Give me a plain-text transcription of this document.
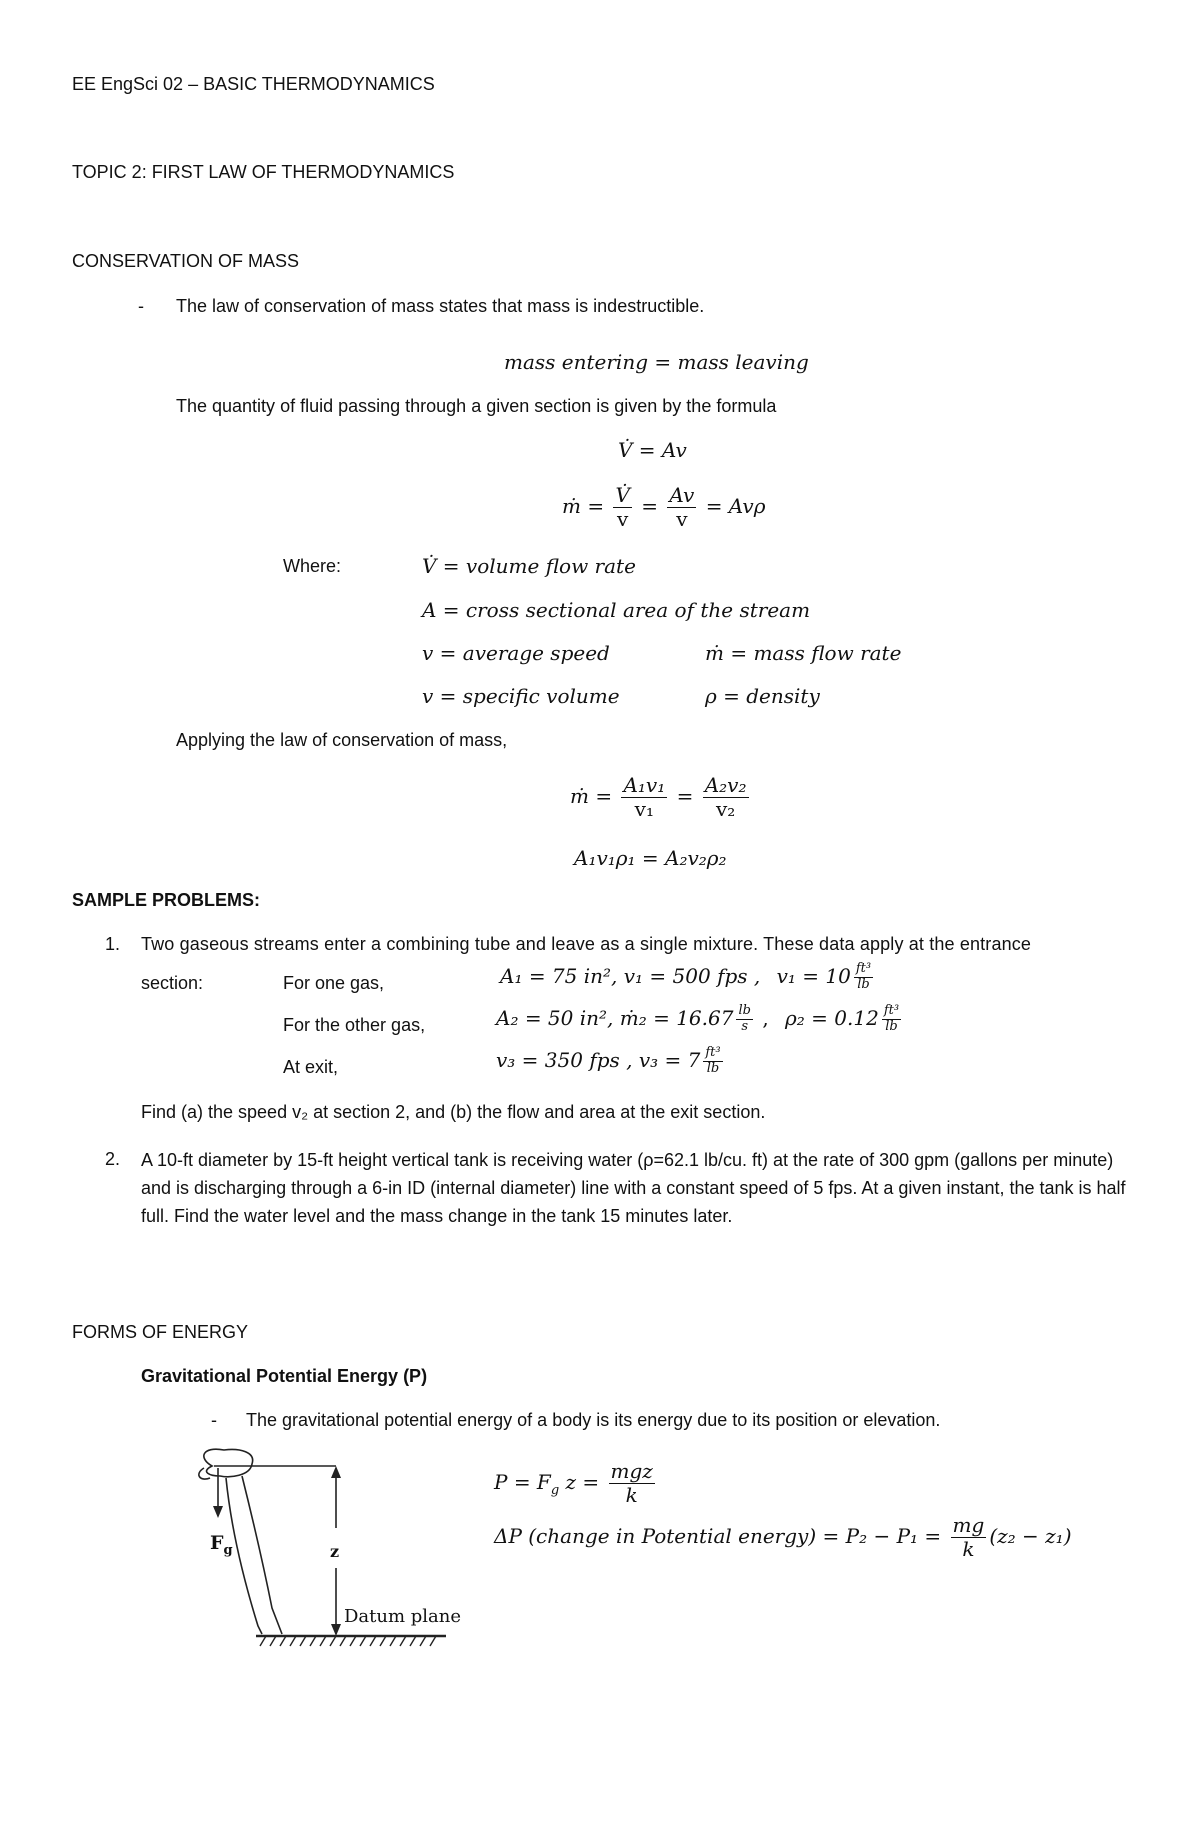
EE EngSci 02 – BASIC THERMODYNAMICS
TOPIC 2: FIRST LAW OF THERMODYNAMICS
CONSERVATION OF MASS
- The law of conservation of mass states that mass is indestructible.
mass entering = mass leaving
The quantity of fluid passing through a given section is given by the formula
V̇ = Av
ṁ = $\frac{V̇}{v} = \frac{Av}{v} = Av\rho$
Where:	V̇ = volume flow rate
A = cross sectional area of the stream
v = average speed	ṁ = mass flow rate
v = specific volume	ρ = density
Applying the law of conservation of mass,
ṁ = $\frac{\text{A₁v₁}}{\text{v₁}} = \frac{\text{A₂v₂}}{\text{v₂}}$
A₁v₁ρ₁ = A₂v₂ρ₂
SAMPLE PROBLEMS:
1. Two gaseous streams enter a combining tube and leave as a single mixture. These data apply at the entrance
section:	For one gas,	A₁ = 75 in², v₁ = 500 fps , $v_1 = 10 \frac{\text{ft³}}{lb}$
For the other gas,	A₂ = 50 in², ṁ₂ = $16.67 \frac{lb}{s}$ , $\rho_2 = 0.12 \frac{\text{ft³}}{lb}$
At exit,	v₃ = 350 fps , $v_3 = 7 \frac{\text{ft³}}{lb}$
Find (a) the speed v₂ at section 2, and (b) the flow and area at the exit section.
2. A 10-ft diameter by 15-ft height vertical tank is receiving water (ρ=62.1 lb/cu. ft) at the rate of 300 gpm (gallons per minute) and is discharging through a 6-in ID (internal diameter) line with a constant speed of 5 fps. At a given instant, the tank is half full. Find the water level and the mass change in the tank 15 minutes later.
FORMS OF ENERGY
Gravitational Potential Energy (P)
- The gravitational potential energy of a body is its energy due to its position or elevation.
$F_g$	z
Datum plane
$P = F_g$ $z = \frac{\text{mgz}}{k}$
ΔP (change in Potential energy) = $P_2 - P_1 = \frac{mg}{k} (z_2 - z_1)$
